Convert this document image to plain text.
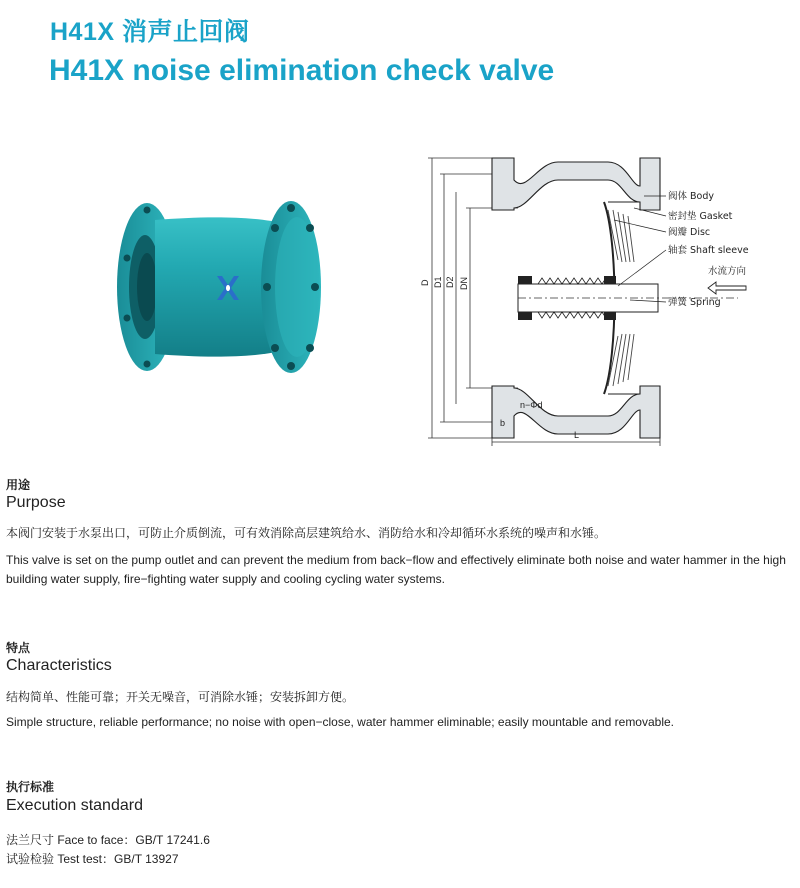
H41X 消声止回阀
H41X noise elimination check valve
阀体 Body
密封垫 Gasket
阀瓣 Disc
轴套 Shaft sleeve
水流方向
弹簧 Spring
D D1 D2 DN
n−Φd
b
L
用途
Purpose
本阀门安装于水泵出口，可防止介质倒流，可有效消除高层建筑给水、消防给水和冷却循环水系统的噪声和水锤。
This valve is set on the pump outlet and can prevent the medium from back−flow and effectively eliminate both noise and water hammer in the high building water supply, fire−fighting water supply and cooling cycling water systems.
特点
Characteristics
结构简单、性能可靠；开关无噪音，可消除水锤；安装拆卸方便。
Simple structure, reliable performance; no noise with open−close, water hammer eliminable; easily mountable and removable.
执行标准
Execution standard
法兰尺寸 Face to face：GB/T 17241.6
试验检验 Test test：GB/T 13927
